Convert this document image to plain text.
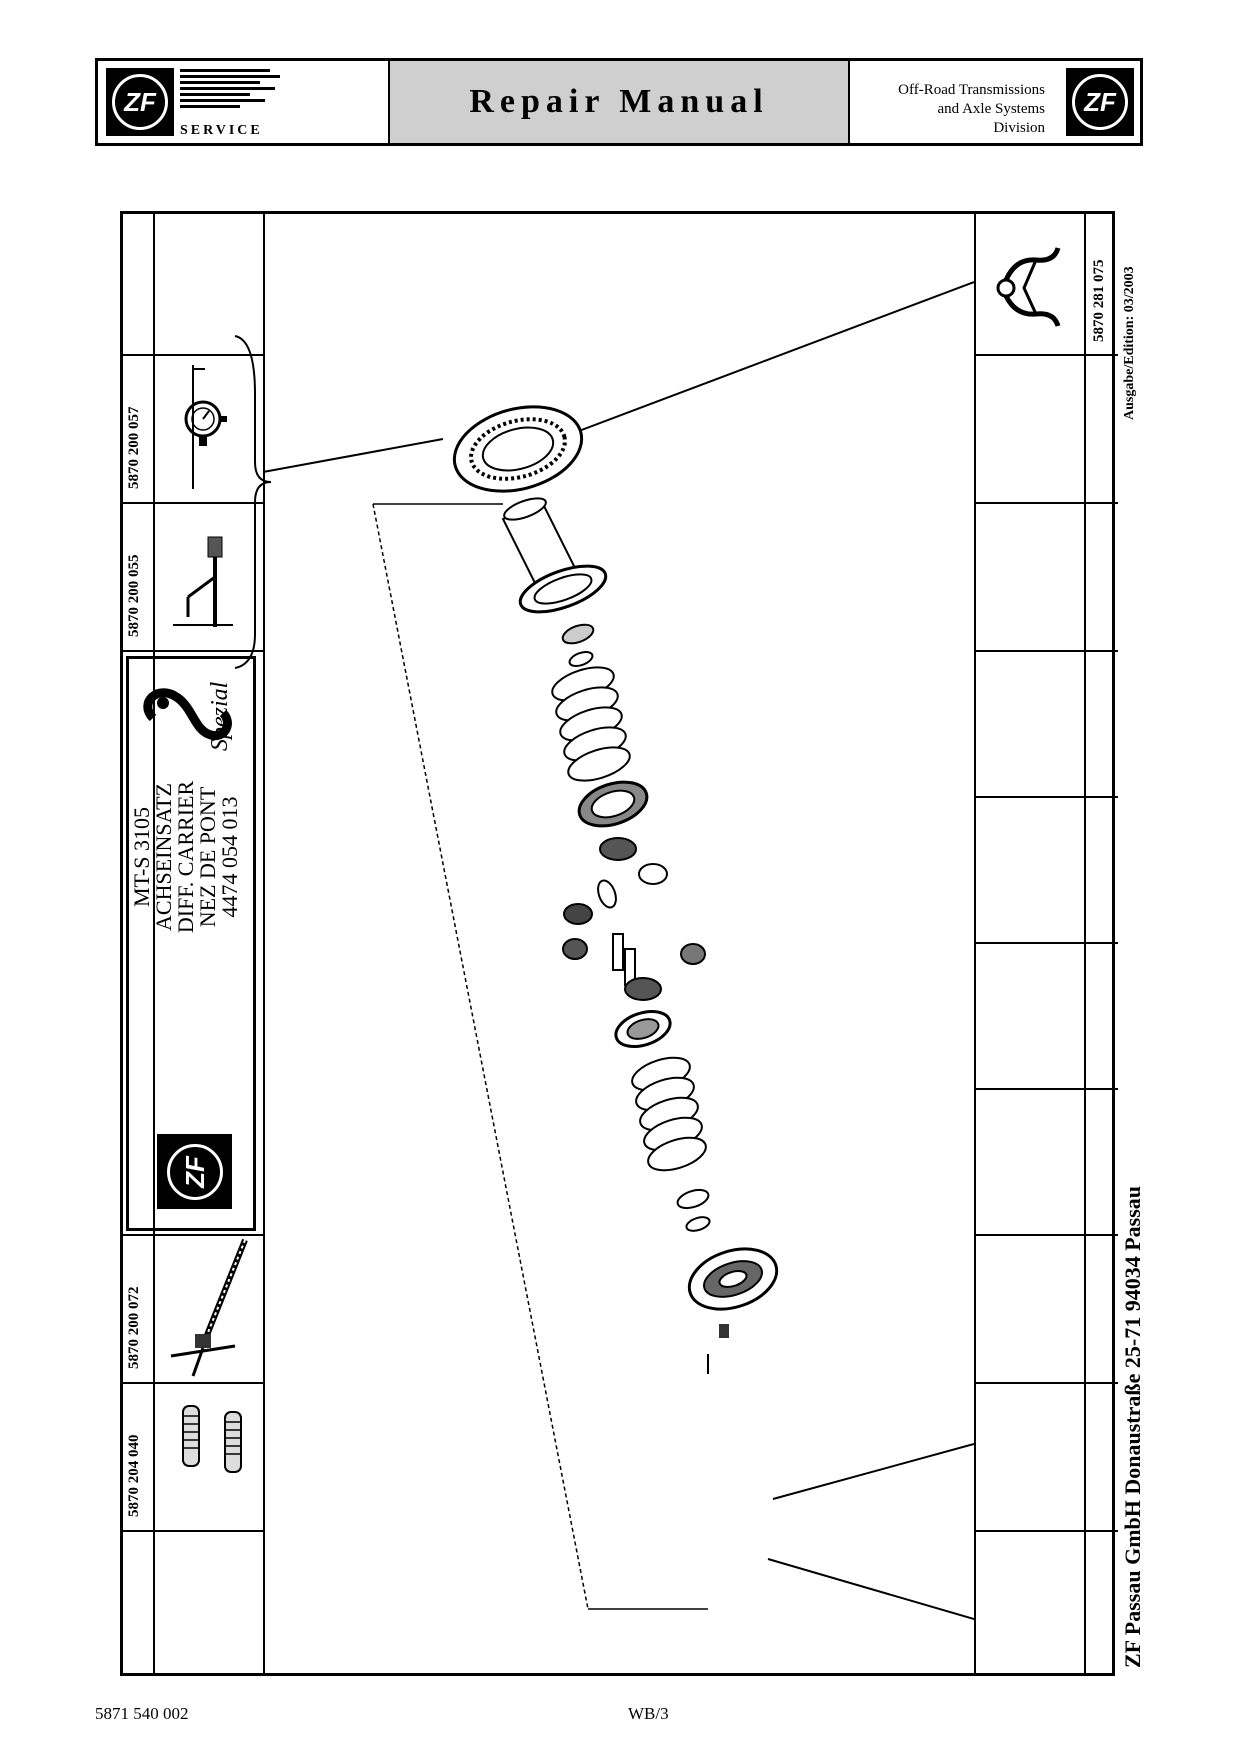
ZF
SERVICE
Repair Manual	Off-Road Transmissions
and Axle Systems
Division
ZF
5870 200 057
5870 200 055
MT-S 3105
ACHSEINSATZ
DIFF. CARRIER
NEZ DE PONT
4474 054 013
Spezial
ZF
5870 200 072
5870 204 040
5870 281 075 Ausgabe/Edition: 03/2003
ZF Passau GmbH Donaustraße 25-71 94034 Passau
5871 540 002	WB/3
